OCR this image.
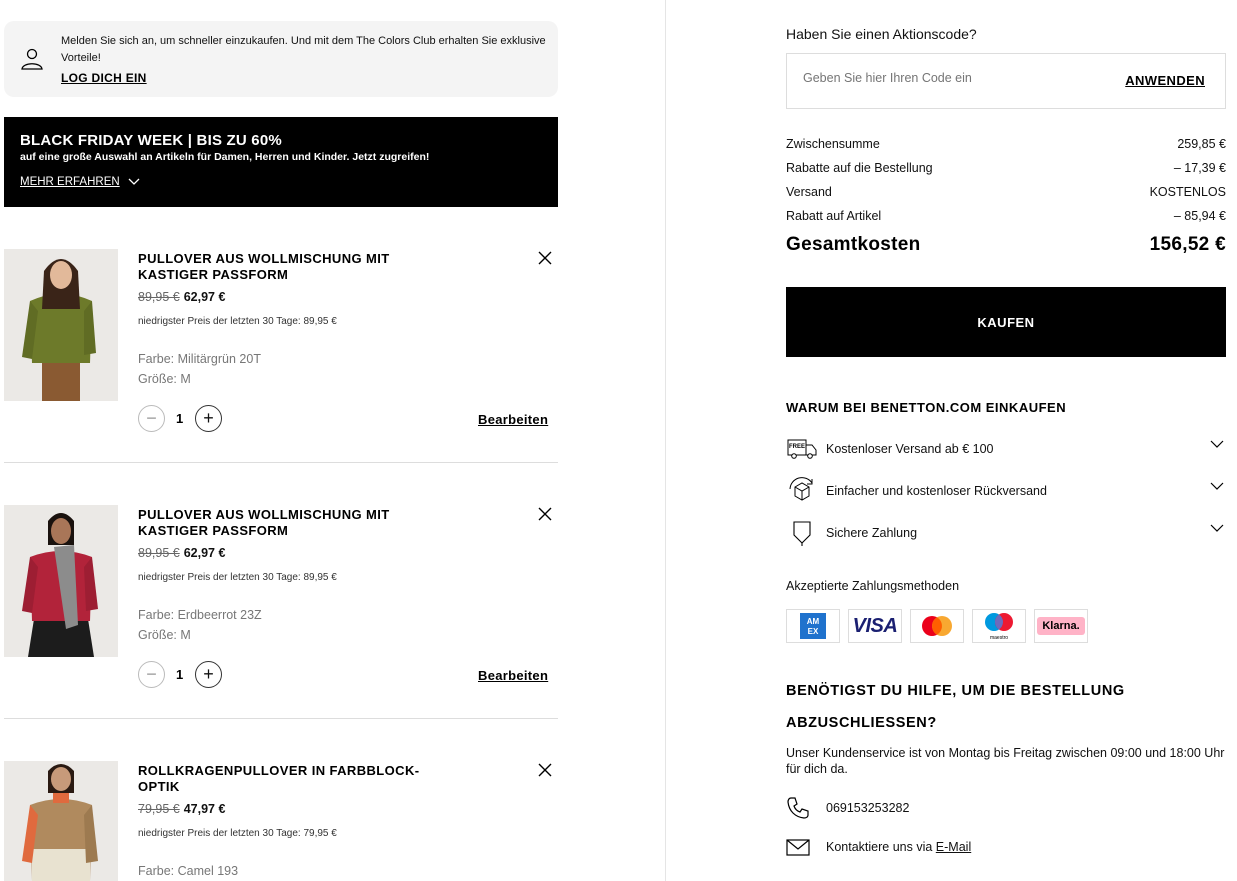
Melden Sie sich an, um schneller einzukaufen. Und mit dem The Colors Club erhalten Sie exklusive Vorteile!
LOG DICH EIN
BLACK FRIDAY WEEK | BIS ZU 60%
auf eine große Auswahl an Artikeln für Damen, Herren und Kinder. Jetzt zugreifen!
MEHR ERFAHREN
PULLOVER AUS WOLLMISCHUNG MIT KASTIGER PASSFORM
89,95 € 62,97 €
niedrigster Preis der letzten 30 Tage: 89,95 €
Farbe: Militärgrün 20T
Größe: M
−	1	+	Bearbeiten
PULLOVER AUS WOLLMISCHUNG MIT KASTIGER PASSFORM
89,95 € 62,97 €
niedrigster Preis der letzten 30 Tage: 89,95 €
Farbe: Erdbeerrot 23Z
Größe: M
−	1	+	Bearbeiten
ROLLKRAGENPULLOVER IN FARBBLOCK-OPTIK
79,95 € 47,97 €
niedrigster Preis der letzten 30 Tage: 79,95 €
Farbe: Camel 193
Haben Sie einen Aktionscode?
Geben Sie hier Ihren Code ein
ANWENDEN
Zwischensumme	259,85 €
Rabatte auf die Bestellung	– 17,39 €
Versand	KOSTENLOS
Rabatt auf Artikel	– 85,94 €
Gesamtkosten	156,52 €
KAUFEN
WARUM BEI BENETTON.COM EINKAUFEN
FREE Kostenloser Versand ab € 100
Einfacher und kostenloser Rückversand
Sichere Zahlung
Akzeptierte Zahlungsmethoden
AM
EX VISA
maestro
Klarna.
BENÖTIGST DU HILFE, UM DIE BESTELLUNG ABZUSCHLIESSEN?
Unser Kundenservice ist von Montag bis Freitag zwischen 09:00 und 18:00 Uhr für dich da.
069153253282
Kontaktiere uns via E-Mail
